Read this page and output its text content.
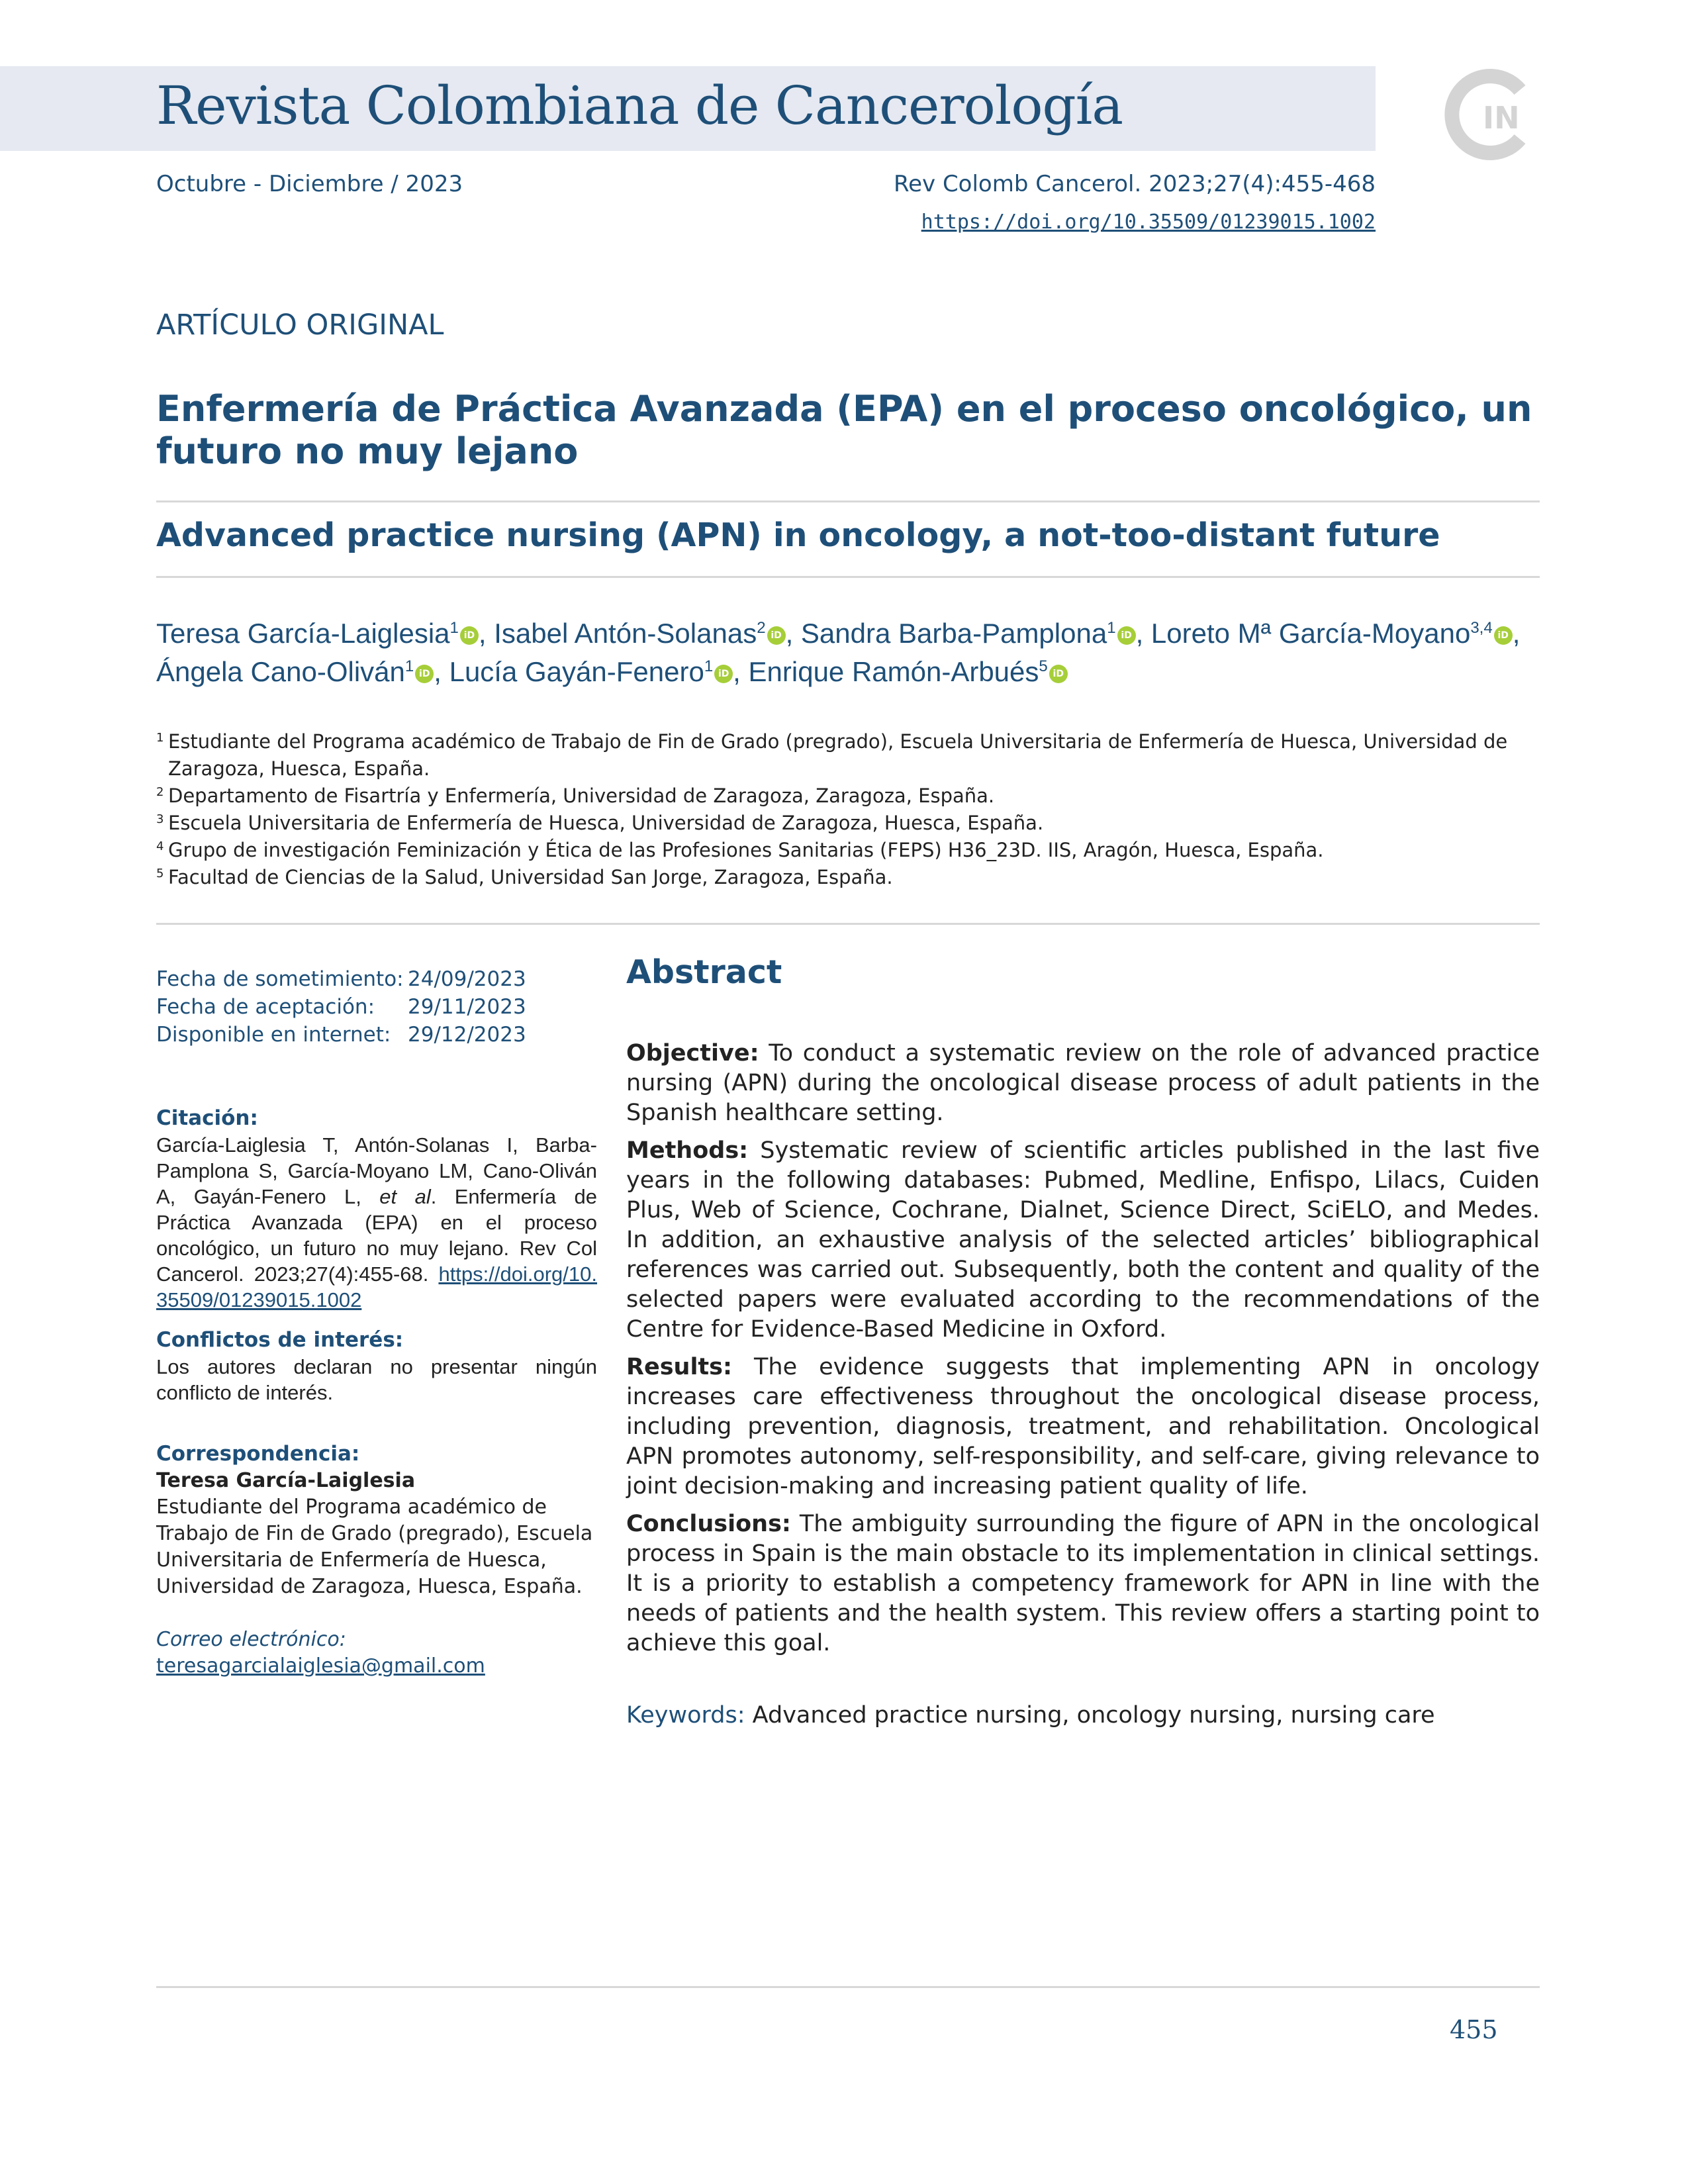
Revista Colombiana de Cancerología	IN
Octubre - Diciembre / 2023	Rev Colomb Cancerol. 2023;27(4):455-468
https://doi.org/10.35509/01239015.1002
ARTÍCULO ORIGINAL
Enfermería de Práctica Avanzada (EPA) en el proceso oncológico, un futuro no muy lejano
Advanced practice nursing (APN) in oncology, a not-too-distant future
Teresa García-Laiglesia$^1$ iD , Isabel Antón-Solanas$^2$ iD , Sandra Barba-Pamplona$^1$ iD , Loreto Mª García-Moyano$^{3,4}$ iD , Ángela Cano-Oliván$^1$ iD , Lucía Gayán-Fenero$^1$ iD , Enrique Ramón-Arbués$^5$ iD
1 Estudiante del Programa académico de Trabajo de Fin de Grado (pregrado), Escuela Universitaria de Enfermería de Huesca, Universidad de Zaragoza, Huesca, España.
2 Departamento de Fisartría y Enfermería, Universidad de Zaragoza, Zaragoza, España.
3 Escuela Universitaria de Enfermería de Huesca, Universidad de Zaragoza, Huesca, España.
4 Grupo de investigación Feminización y Ética de las Profesiones Sanitarias (FEPS) H36_23D. IIS, Aragón, Huesca, España.
5 Facultad de Ciencias de la Salud, Universidad San Jorge, Zaragoza, España.
Fecha de sometimiento: 24/09/2023
Fecha de aceptación:	29/11/2023
Disponible en internet: 29/12/2023
Citación:
García-Laiglesia T, Antón-Solanas I, Barba-Pamplona S, García-Moyano LM, Cano-Oliván A, Gayán-Fenero L, et al. Enfermería de Práctica Avanzada (EPA) en el proceso oncológico, un futuro no muy lejano. Rev Col Cancerol. 2023;27(4):455-68. https://doi.org/10.35509/01239015.1002
Conflictos de interés:
Los autores declaran no presentar ningún conflicto de interés.
Correspondencia:
Teresa García-Laiglesia
Estudiante del Programa académico de Trabajo de Fin de Grado (pregrado), Escuela Universitaria de Enfermería de Huesca, Universidad de Zaragoza, Huesca, España.
Correo electrónico:
teresagarcialaiglesia@gmail.com
Abstract

Objective: To conduct a systematic review on the role of advanced practice nursing (APN) during the oncological disease process of adult patients in the Spanish healthcare setting.

Methods: Systematic review of scientific articles published in the last five years in the following databases: Pubmed, Medline, Enfispo, Lilacs, Cuiden Plus, Web of Science, Cochrane, Dialnet, Science Direct, SciELO, and Medes. In addition, an exhaustive analysis of the selected articles’ bibliographical references was carried out. Subsequently, both the content and quality of the selected papers were evaluated according to the recommendations of the Centre for Evidence-Based Medicine in Oxford.

Results: The evidence suggests that implementing APN in oncology increases care effectiveness throughout the oncological disease process, including prevention, diagnosis, treatment, and rehabilitation. Oncological APN promotes autonomy, self-responsibility, and self-care, giving relevance to joint decision-making and increasing patient quality of life.

Conclusions: The ambiguity surrounding the figure of APN in the oncological process in Spain is the main obstacle to its implementation in clinical settings. It is a priority to establish a competency framework for APN in line with the needs of patients and the health system. This review offers a starting point to achieve this goal.

Keywords: Advanced practice nursing, oncology nursing, nursing care
455
